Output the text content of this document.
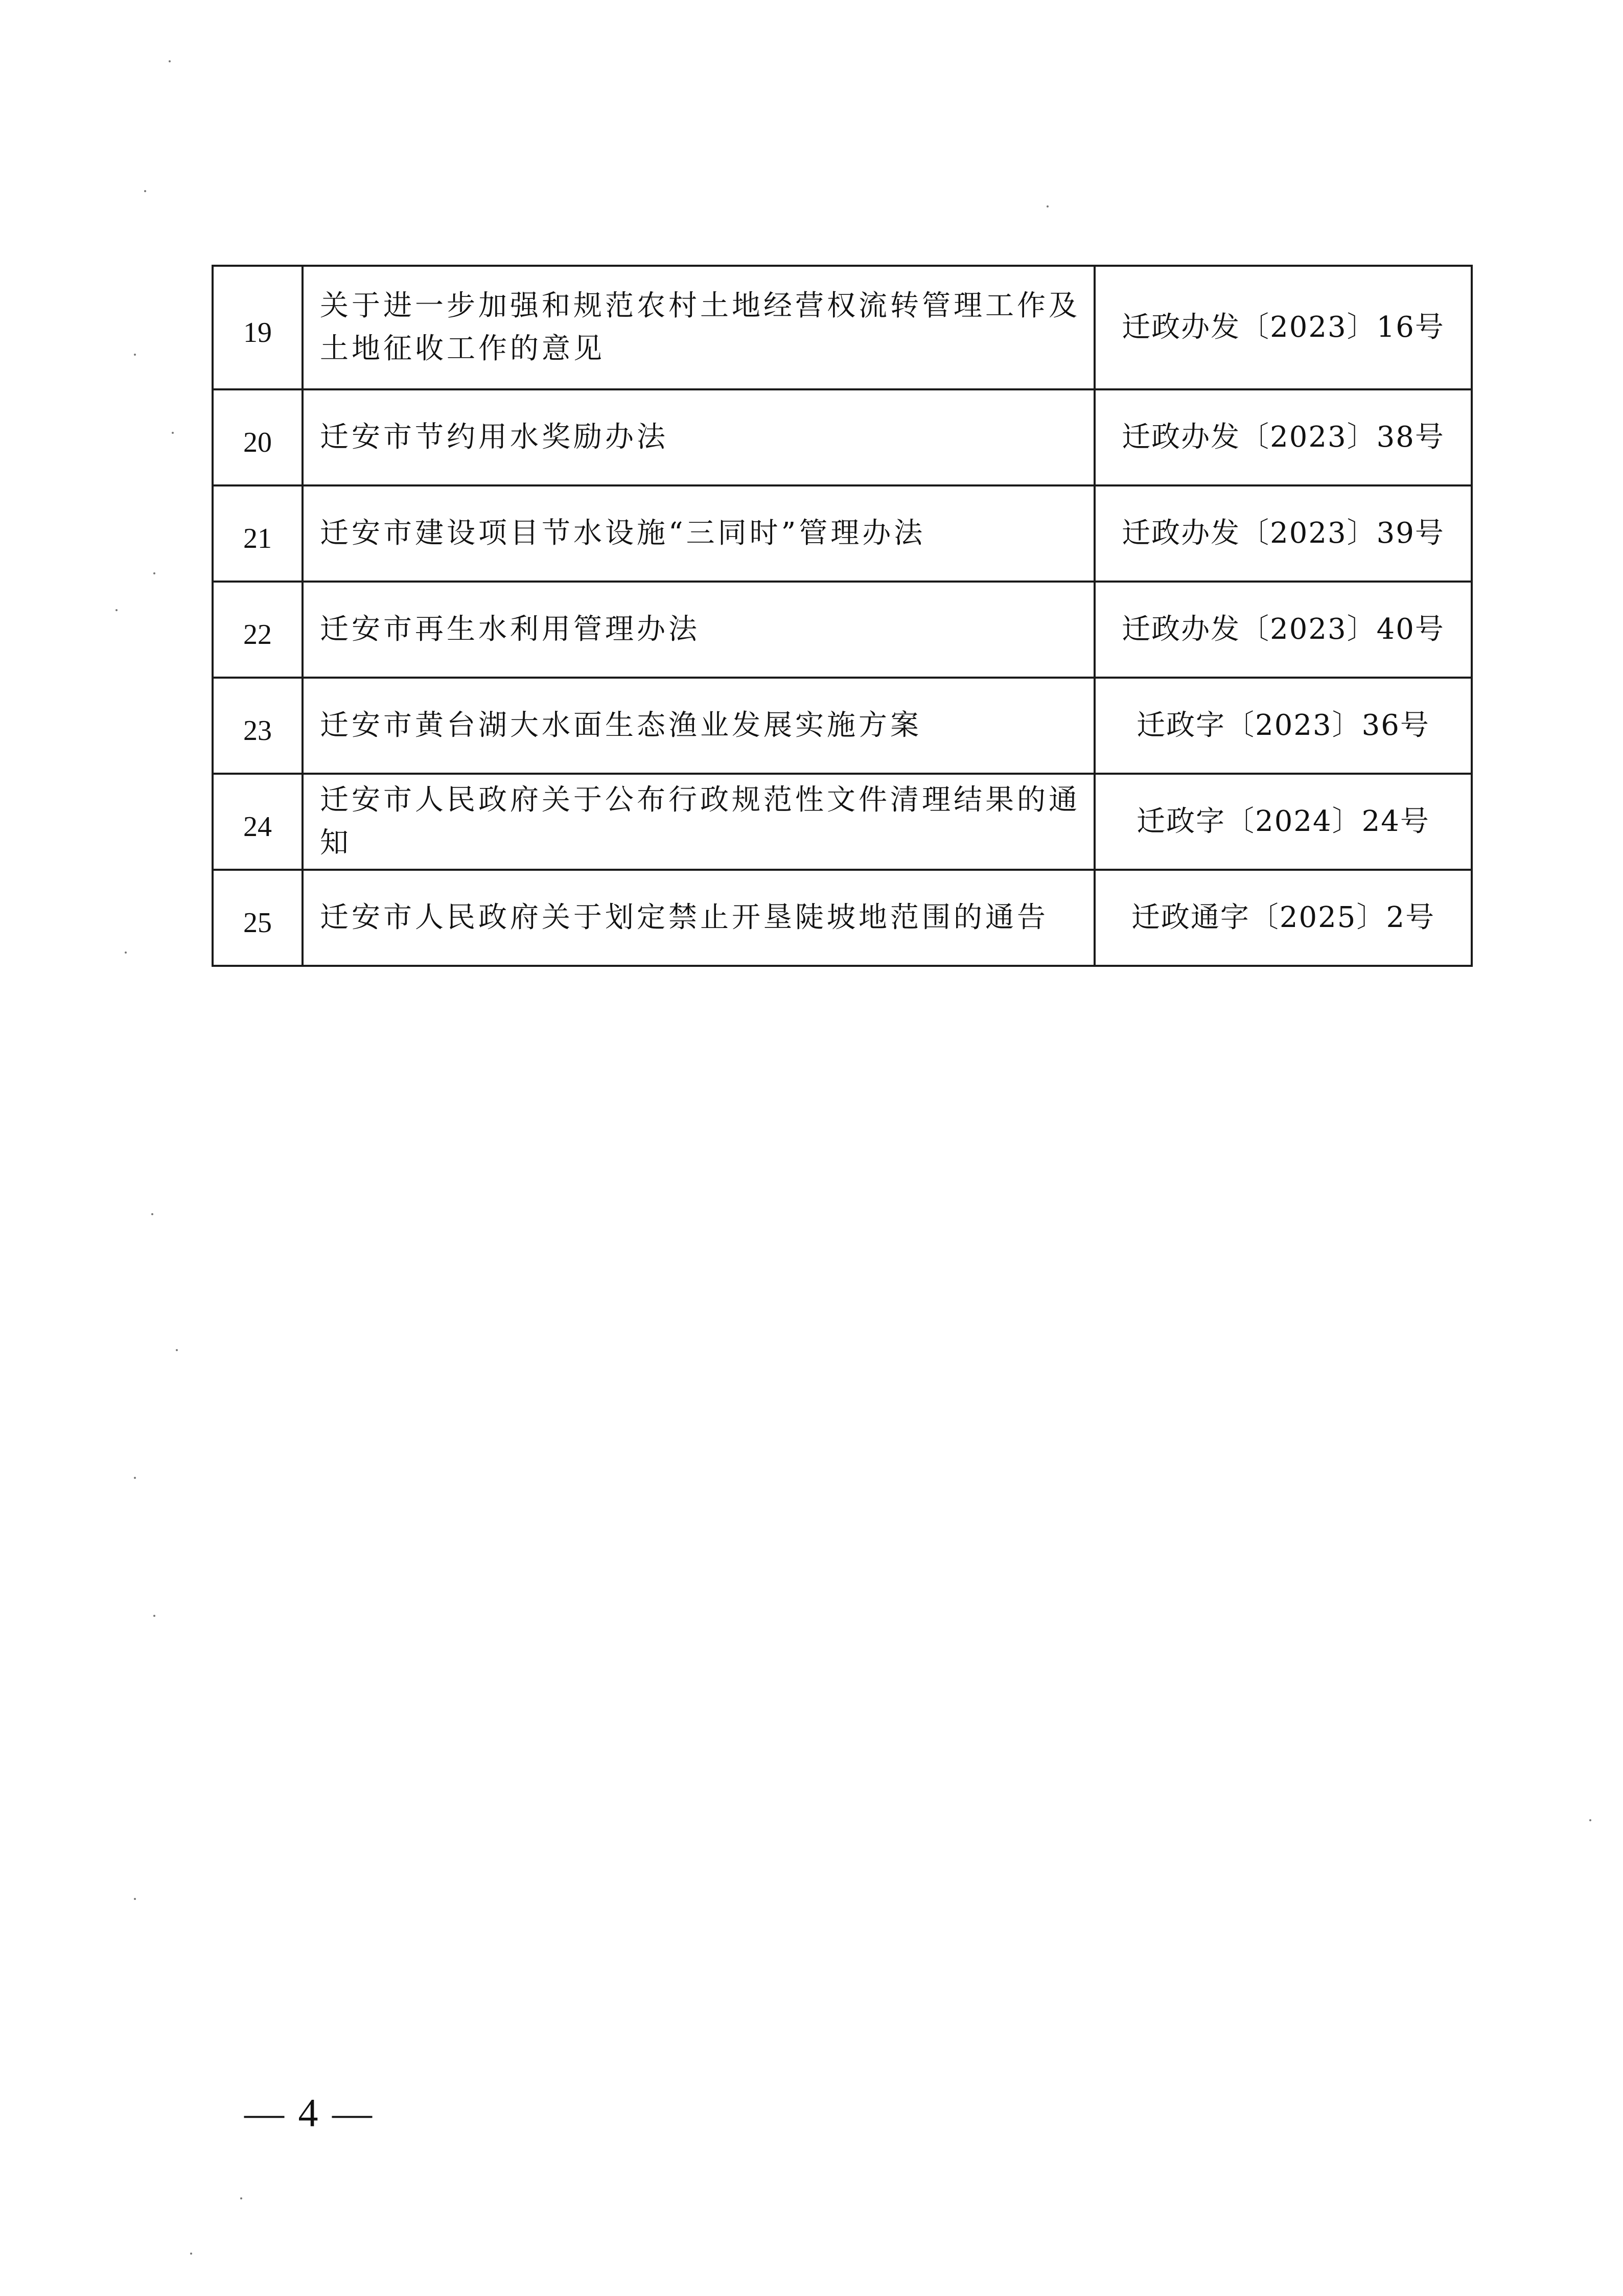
19	关于进一步加强和规范农村土地经营权流转管理工作及土地征收工作的意见	迁政办发〔2023〕16号
20	迁安市节约用水奖励办法	迁政办发〔2023〕38号
21	迁安市建设项目节水设施“三同时”管理办法	迁政办发〔2023〕39号
22	迁安市再生水利用管理办法	迁政办发〔2023〕40号
23	迁安市黄台湖大水面生态渔业发展实施方案	迁政字〔2023〕36号
24	迁安市人民政府关于公布行政规范性文件清理结果的通知	迁政字〔2024〕24号
25	迁安市人民政府关于划定禁止开垦陡坡地范围的通告	迁政通字〔2025〕2号
— 4 —
